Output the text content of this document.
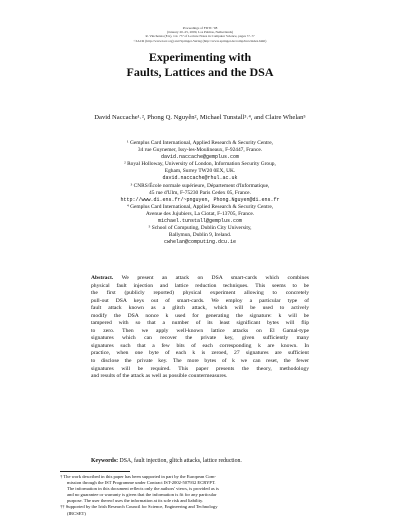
Proceedings of FDTC '08
(January 20–25, 2009, Los Palmas, Netherlands)
R. Vinchenza (Ed.), vol. ??? of Lecture Notes in Computer Science, pages ??–??
©IACR (http://www.iacr.org) and Springer-Verlag (http://www.springer.de/comp/lncs/index.html)
Experimenting with
Faults, Lattices and the DSA
David Naccache¹˒², Phong Q. Nguyễn², Michael Tunstall³˒⁴, and Claire Whelan⁵
¹ Gemplus Card International, Applied Research & Security Centre,
34 rue Guynemer, Issy-les-Moulineaux, F-92447, France.
david.naccache@gemplus.com
² Royal Holloway, University of London, Information Security Group,
Egham, Surrey TW20 0EX, UK.
david.naccache@rhul.ac.uk
³ CNRS/École normale supérieure, Département d'Informatique,
45 rue d'Ulm, F-75230 Paris Cedex 05, France.
http://www.di.ens.fr/~pnguyen, Phong.Nguyen@di.ens.fr
⁴ Gemplus Card International, Applied Research & Security Centre,
Avenue des Jujubiers, La Ciotat, F-13705, France.
michael.tunstall@gemplus.com
⁵ School of Computing, Dublin City University,
Ballymun, Dublin 9, Ireland.
cwhelan@computing.dcu.ie
Abstract. We present an attack on DSA smart-cards which combines
physical fault injection and lattice reduction techniques. This seems to be
the first (publicly reported) physical experiment allowing to concretely
pull-out DSA keys out of smart-cards. We employ a particular type of
fault attack known as a glitch attack, which will be used to actively
modify the DSA nonce k used for generating the signature: k will be
tampered with so that a number of its least significant bytes will flip
to zero. Then we apply well-known lattice attacks on El Gamal-type
signatures which can recover the private key, given sufficiently many
signatures such that a few bits of each corresponding k are known. In
practice, when one byte of each k is zeroed, 27 signatures are sufficient
to disclose the private key. The more bytes of k we can reset, the fewer
signatures will be required. This paper presents the theory, methodology
and results of the attack as well as possible countermeasures.
Keywords: DSA, fault injection, glitch attacks, lattice reduction.
† The work described in this paper has been supported in part by the European Com-
mission through the IST Programme under Contract IST-2002-507932 ECRYPT.
The information in this document reflects only the authors' views, is provided as is
and no guarantee or warranty is given that the information is fit for any particular
purpose. The user thereof uses the information at its sole risk and liability.
†† Supported by the Irish Research Council for Science, Engineering and Technology
(IRCSET)
